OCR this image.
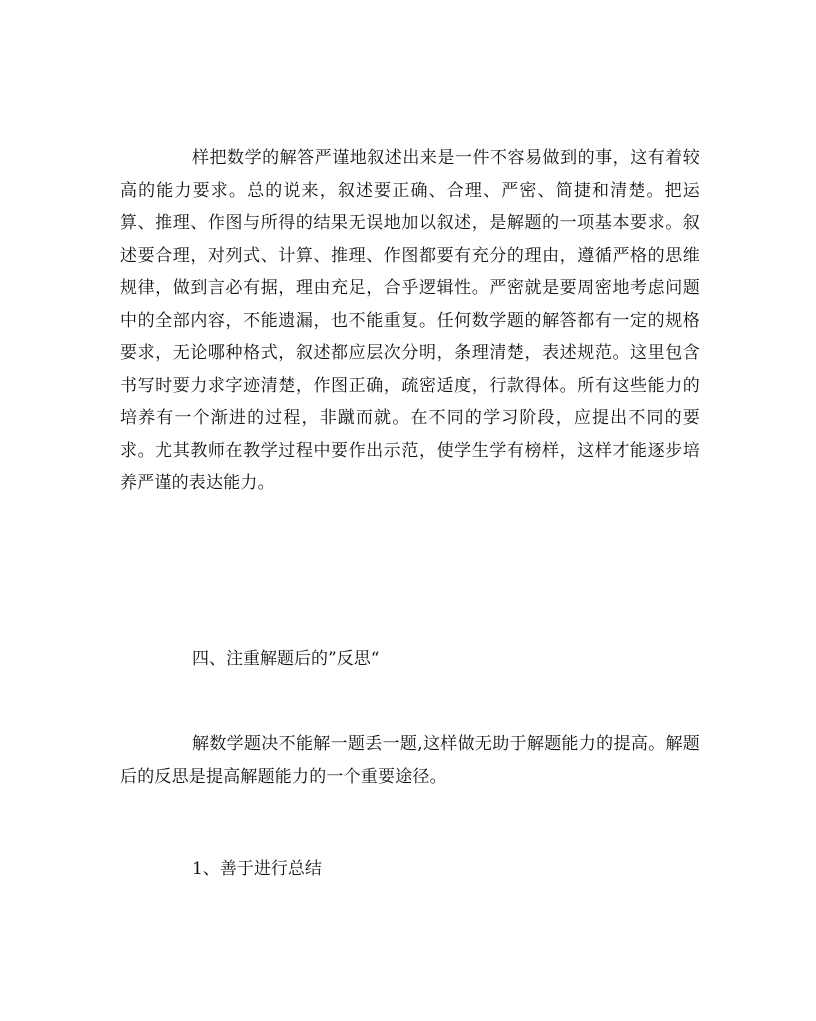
样把数学的解答严谨地叙述出来是一件不容易做到的事，这有着较高的能力要求。总的说来，叙述要正确、合理、严密、简捷和清楚。把运算、推理、作图与所得的结果无误地加以叙述，是解题的一项基本要求。叙述要合理，对列式、计算、推理、作图都要有充分的理由，遵循严格的思维规律，做到言必有据，理由充足，合乎逻辑性。严密就是要周密地考虑问题中的全部内容，不能遗漏，也不能重复。任何数学题的解答都有一定的规格要求，无论哪种格式，叙述都应层次分明，条理清楚，表述规范。这里包含书写时要力求字迹清楚，作图正确，疏密适度，行款得体。所有这些能力的培养有一个渐进的过程，非蹴而就。在不同的学习阶段，应提出不同的要求。尤其教师在教学过程中要作出示范，使学生学有榜样，这样才能逐步培养严谨的表达能力。

四、注重解题后的”反思“

解数学题决不能解一题丢一题,这样做无助于解题能力的提高。解题后的反思是提高解题能力的一个重要途径。

1、善于进行总结
